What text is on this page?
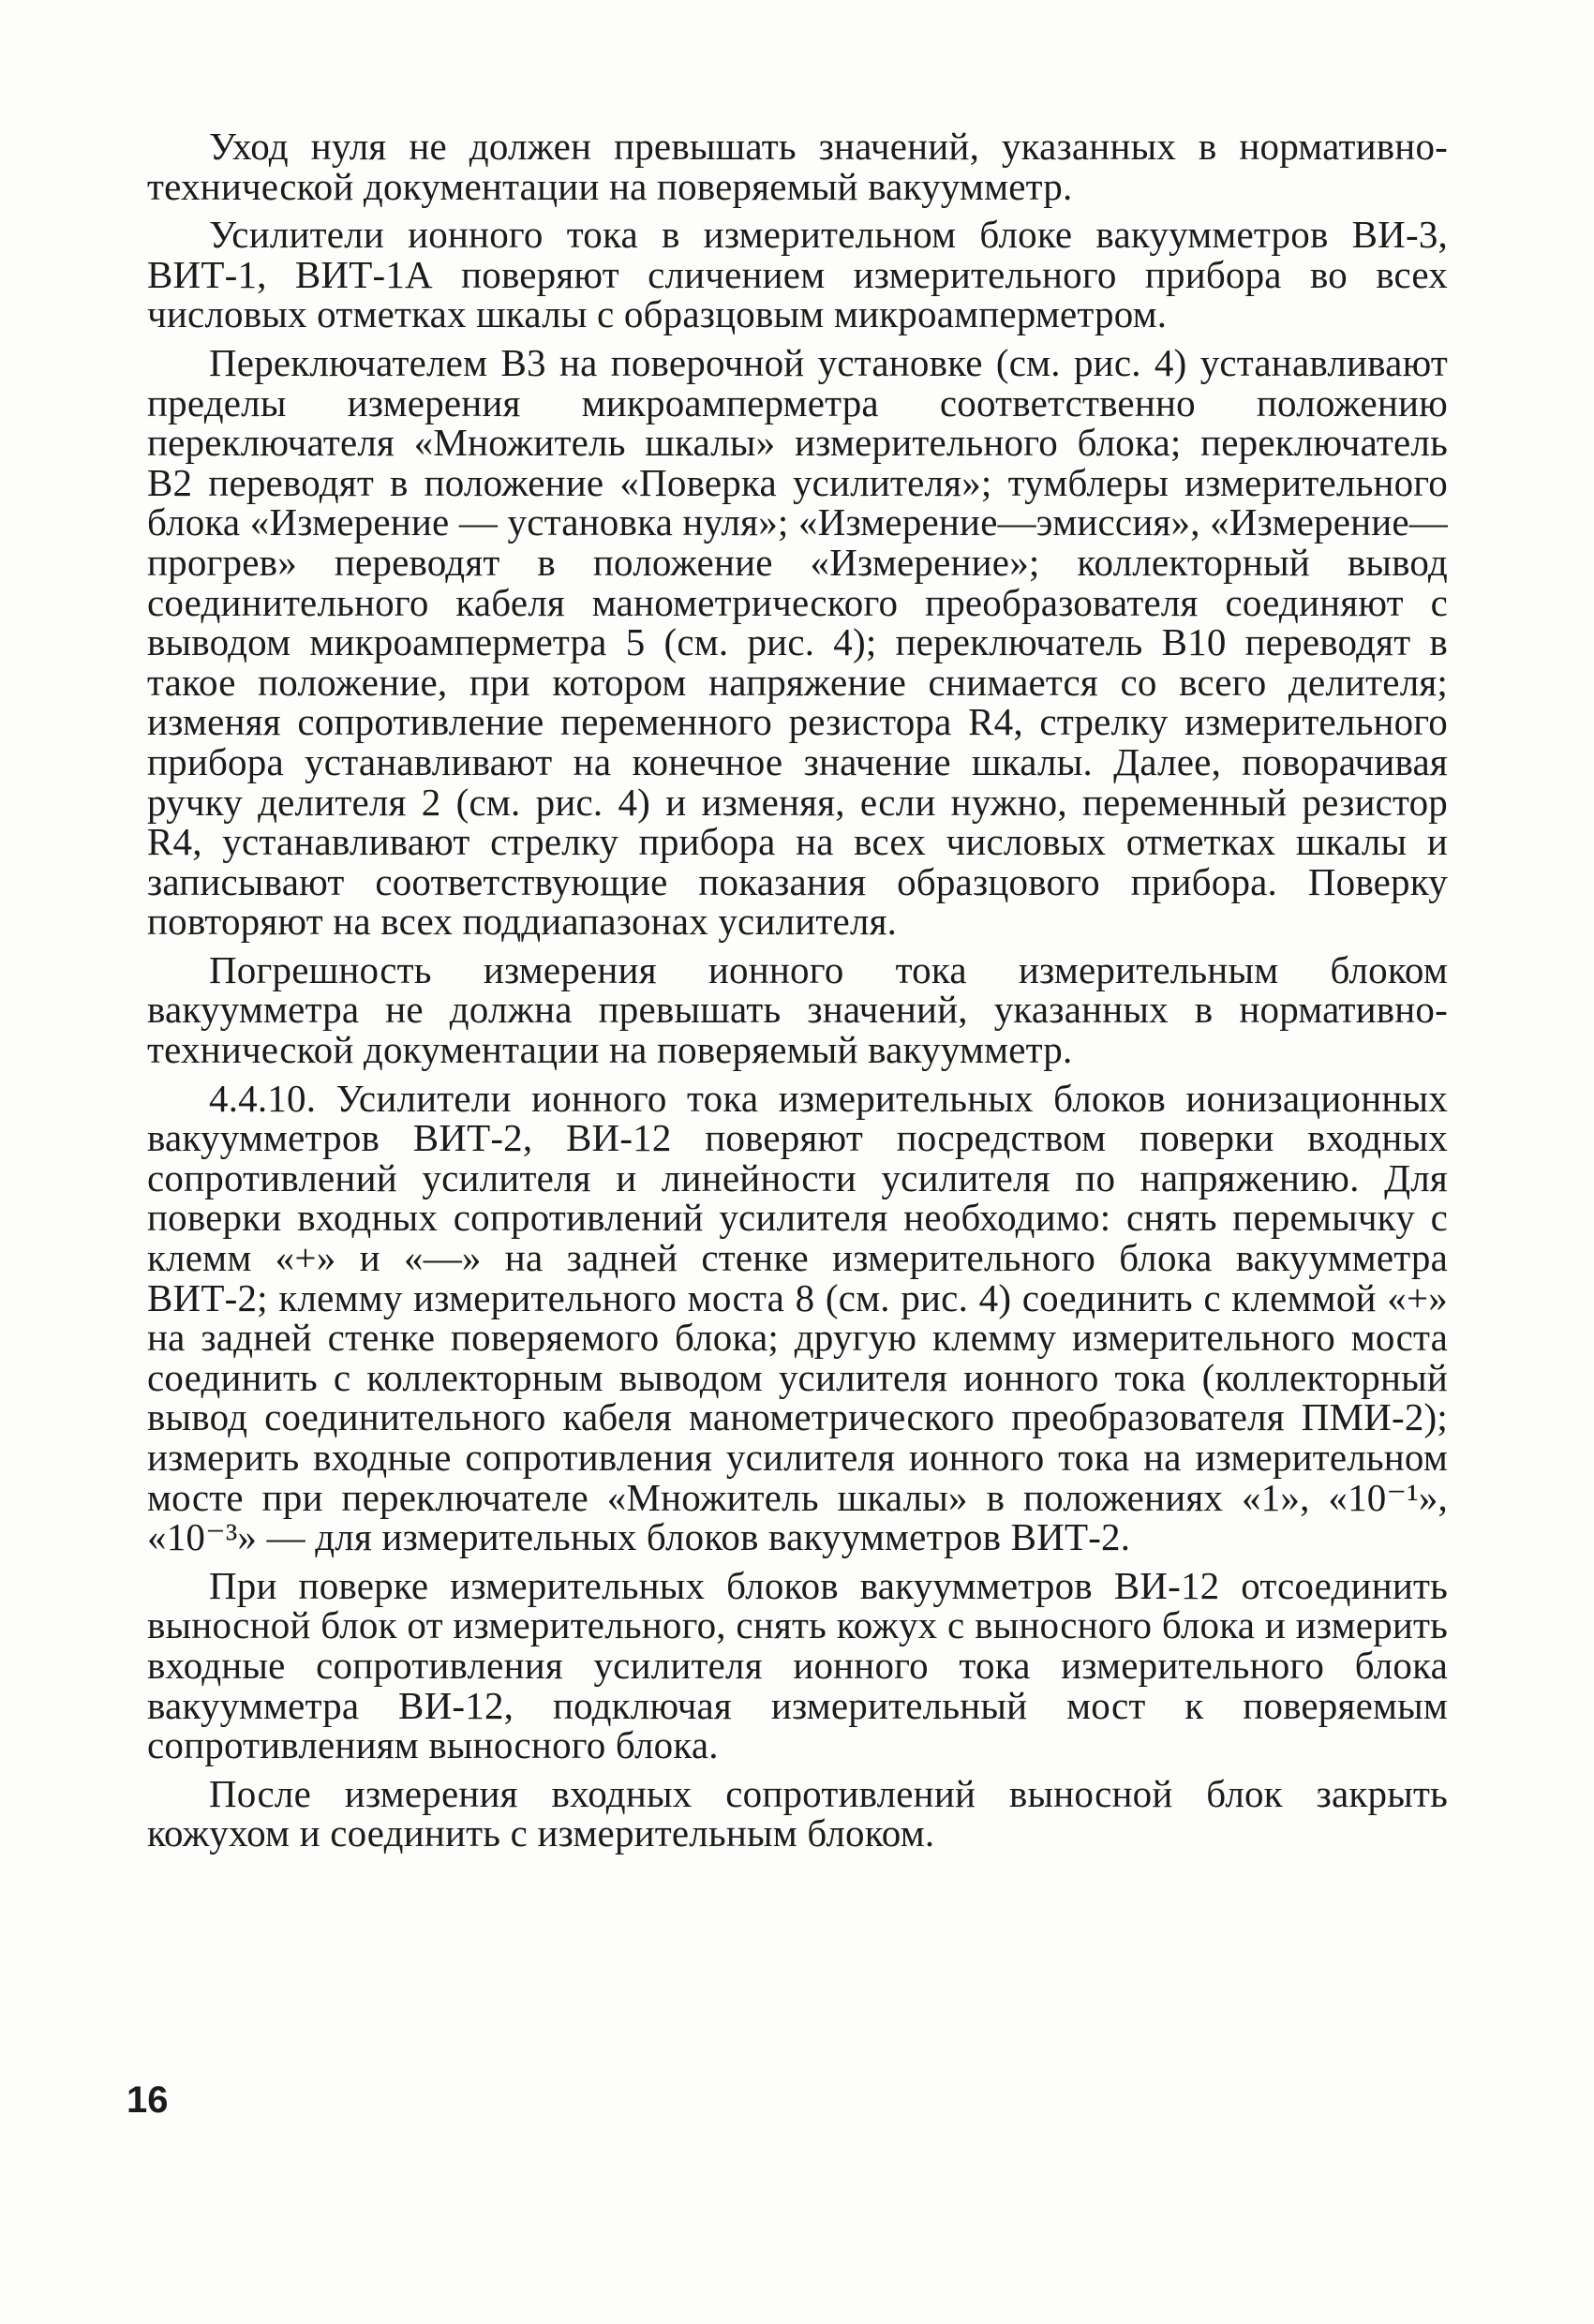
Уход нуля не должен превышать значений, указанных в нормативно-технической документации на поверяемый вакуумметр.

Усилители ионного тока в измерительном блоке вакуумметров ВИ-3, ВИТ-1, ВИТ-1А поверяют сличением измерительного прибора во всех числовых отметках шкалы с образцовым микроамперметром.

Переключателем В3 на поверочной установке (см. рис. 4) устанавливают пределы измерения микроамперметра соответственно положению переключателя «Множитель шкалы» измерительного блока; переключатель В2 переводят в положение «Поверка усилителя»; тумблеры измерительного блока «Измерение — установка нуля»; «Измерение—эмиссия», «Измерение—прогрев» переводят в положение «Измерение»; коллекторный вывод соединительного кабеля манометрического преобразователя соединяют с выводом микроамперметра 5 (см. рис. 4); переключатель В10 переводят в такое положение, при котором напряжение снимается со всего делителя; изменяя сопротивление переменного резистора R4, стрелку измерительного прибора устанавливают на конечное значение шкалы. Далее, поворачивая ручку делителя 2 (см. рис. 4) и изменяя, если нужно, переменный резистор R4, устанавливают стрелку прибора на всех числовых отметках шкалы и записывают соответствующие показания образцового прибора. Поверку повторяют на всех поддиапазонах усилителя.

Погрешность измерения ионного тока измерительным блоком вакуумметра не должна превышать значений, указанных в нормативно-технической документации на поверяемый вакуумметр.

4.4.10. Усилители ионного тока измерительных блоков ионизационных вакуумметров ВИТ-2, ВИ-12 поверяют посредством поверки входных сопротивлений усилителя и линейности усилителя по напряжению. Для поверки входных сопротивлений усилителя необходимо: снять перемычку с клемм «+» и «—» на задней стенке измерительного блока вакуумметра ВИТ-2; клемму измерительного моста 8 (см. рис. 4) соединить с клеммой «+» на задней стенке поверяемого блока; другую клемму измерительного моста соединить с коллекторным выводом усилителя ионного тока (коллекторный вывод соединительного кабеля манометрического преобразователя ПМИ-2); измерить входные сопротивления усилителя ионного тока на измерительном мосте при переключателе «Множитель шкалы» в положениях «1», «10⁻¹», «10⁻³» — для измерительных блоков вакуумметров ВИТ-2.

При поверке измерительных блоков вакуумметров ВИ-12 отсоединить выносной блок от измерительного, снять кожух с выносного блока и измерить входные сопротивления усилителя ионного тока измерительного блока вакуумметра ВИ-12, подключая измерительный мост к поверяемым сопротивлениям выносного блока.

После измерения входных сопротивлений выносной блок закрыть кожухом и соединить с измерительным блоком.

16
